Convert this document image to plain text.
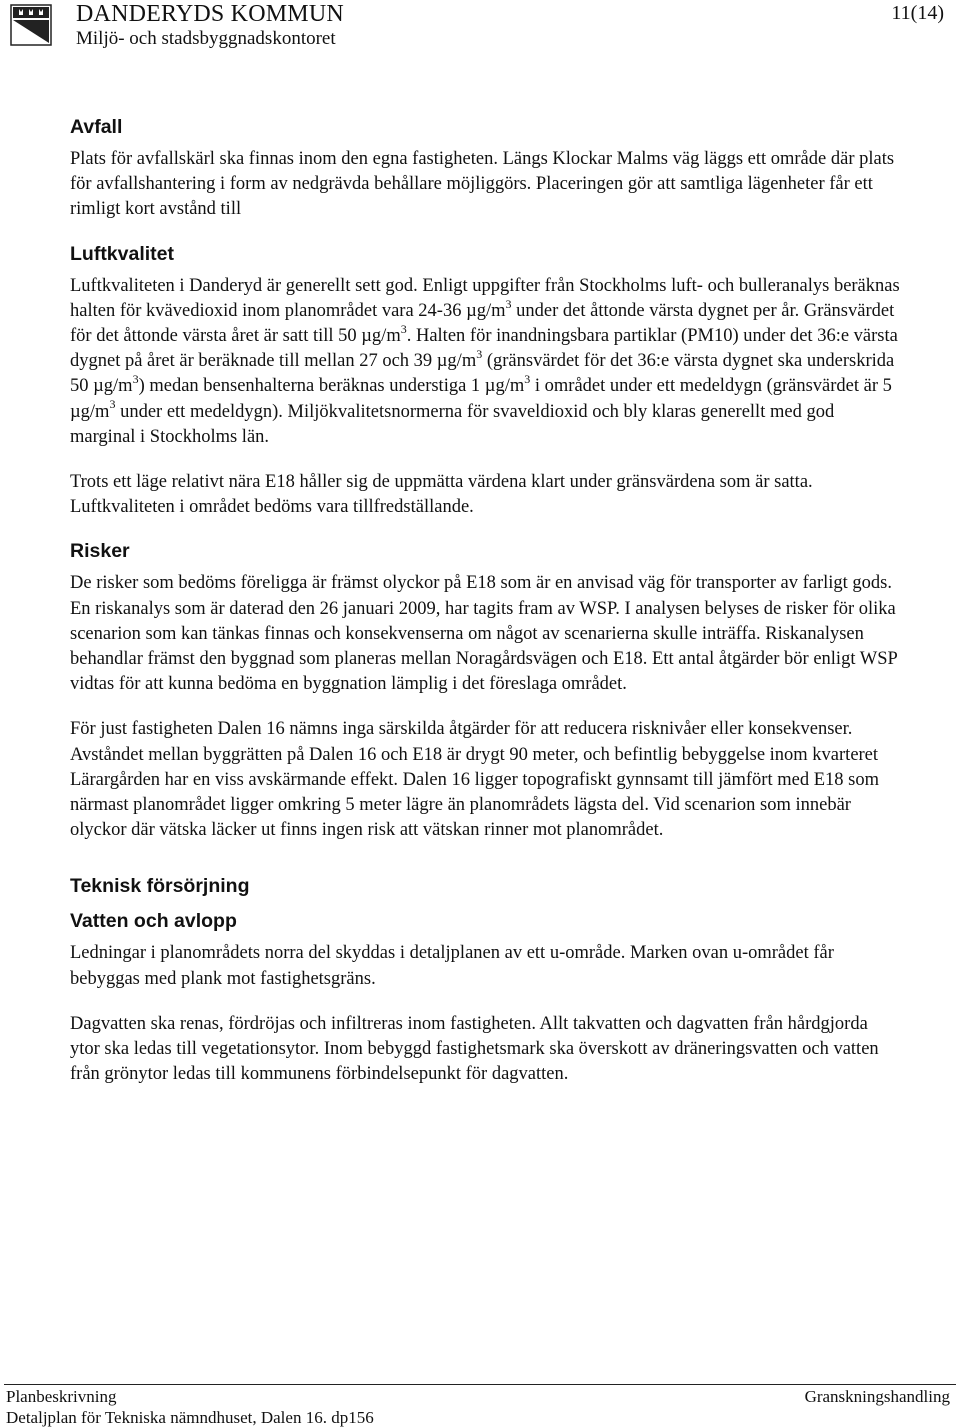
DANDERYDS KOMMUN
Miljö- och stadsbyggnadskontoret
11(14)
Avfall

Plats för avfallskärl ska finnas inom den egna fastigheten. Längs Klockar Malms väg läggs ett område där plats för avfallshantering i form av nedgrävda behållare möjliggörs. Placeringen gör att samtliga lägenheter får ett rimligt kort avstånd till

Luftkvalitet

Luftkvaliteten i Danderyd är generellt sett god. Enligt uppgifter från Stockholms luft- och bulleranalys beräknas halten för kvävedioxid inom planområdet vara 24-36 $\mu g/m^3$ under det åttonde värsta dygnet per år. Gränsvärdet för det åttonde värsta året är satt till 50 $\mu g/m^3$. Halten för inandningsbara partiklar (PM10) under det 36:e värsta dygnet på året är beräknade till mellan 27 och 39 $\mu g/m^3$ (gränsvärdet för det 36:e värsta dygnet ska underskrida 50 $\mu g/m^3$) medan bensenhalterna beräknas understiga 1 $\mu g/m^3$ i området under ett medeldygn (gränsvärdet är 5 $\mu g/m^3$ under ett medeldygn). Miljökvalitetsnormerna för svaveldioxid och bly klaras generellt med god marginal i Stockholms län.

Trots ett läge relativt nära E18 håller sig de uppmätta värdena klart under gränsvärdena som är satta. Luftkvaliteten i området bedöms vara tillfredställande.

Risker

De risker som bedöms föreligga är främst olyckor på E18 som är en anvisad väg för transporter av farligt gods. En riskanalys som är daterad den 26 januari 2009, har tagits fram av WSP. I analysen belyses de risker för olika scenarion som kan tänkas finnas och konsekvenserna om något av scenarierna skulle inträffa. Riskanalysen behandlar främst den byggnad som planeras mellan Noragårdsvägen och E18. Ett antal åtgärder bör enligt WSP vidtas för att kunna bedöma en byggnation lämplig i det föreslaga området.

För just fastigheten Dalen 16 nämns inga särskilda åtgärder för att reducera risknivåer eller konsekvenser. Avståndet mellan byggrätten på Dalen 16 och E18 är drygt 90 meter, och befintlig bebyggelse inom kvarteret Lärargården har en viss avskärmande effekt. Dalen 16 ligger topografiskt gynnsamt till jämfört med E18 som närmast planområdet ligger omkring 5 meter lägre än planområdets lägsta del. Vid scenarion som innebär olyckor där vätska läcker ut finns ingen risk att vätskan rinner mot planområdet.

Teknisk försörjning
Vatten och avlopp

Ledningar i planområdets norra del skyddas i detaljplanen av ett u-område. Marken ovan u-området får bebyggas med plank mot fastighetsgräns.

Dagvatten ska renas, fördröjas och infiltreras inom fastigheten. Allt takvatten och dagvatten från hårdgjorda ytor ska ledas till vegetationsytor. Inom bebyggd fastighetsmark ska överskott av dräneringsvatten och vatten från grönytor ledas till kommunens förbindelsepunkt för dagvatten.

Planbeskrivning
Detaljplan för Tekniska nämndhuset, Dalen 16. dp156
Granskningshandling
